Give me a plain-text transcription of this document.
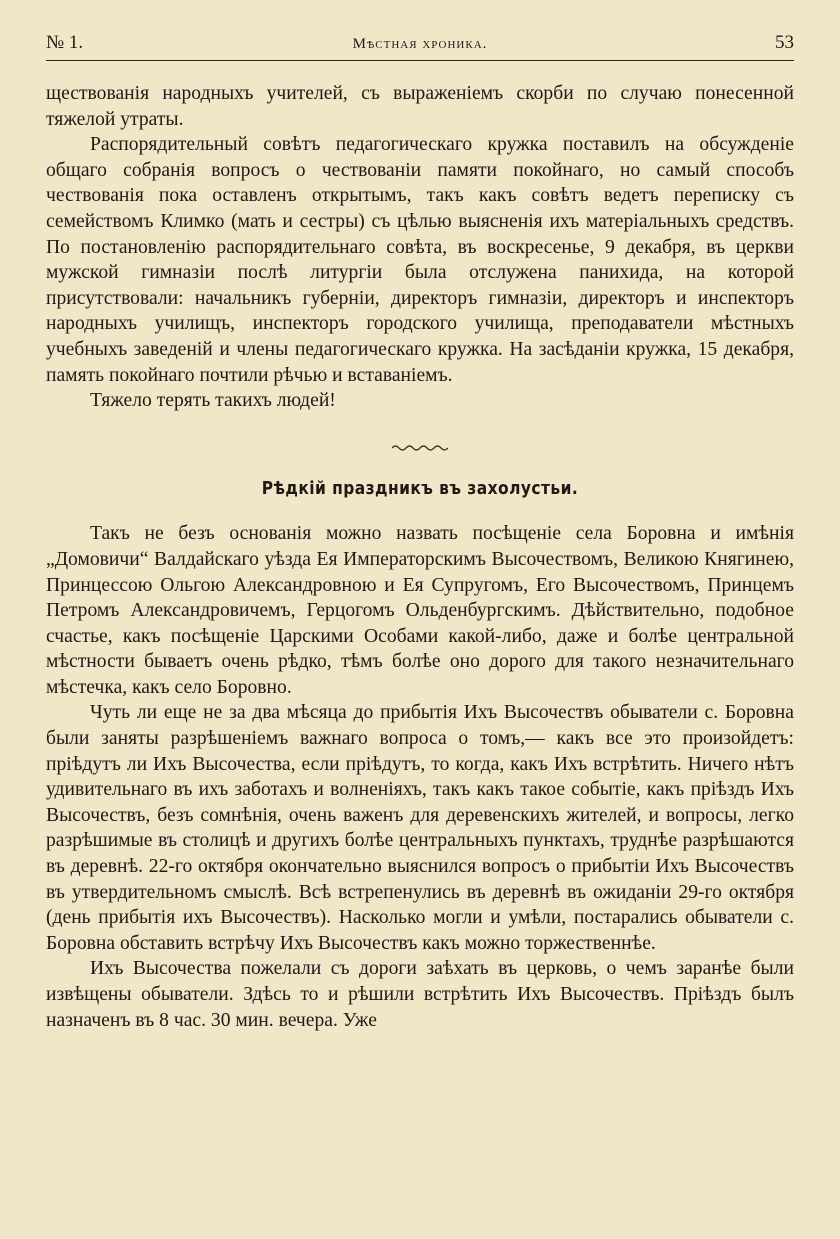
№ 1.	Мѣстная хроника.	53

ществованія народныхъ учителей, съ выраженіемъ скорби по случаю понесенной тяжелой утраты.

Распорядительный совѣтъ педагогическаго кружка поставилъ на обсужденіе общаго собранія вопросъ о чествованіи памяти покойнаго, но самый способъ чествованія пока оставленъ открытымъ, такъ какъ совѣтъ ведетъ переписку съ семействомъ Климко (мать и сестры) съ цѣлью выясненія ихъ матеріальныхъ средствъ. По постановленію распорядительнаго совѣта, въ воскресенье, 9 декабря, въ церкви мужской гимназіи послѣ литургіи была отслужена панихида, на которой присутствовали: начальникъ губерніи, директоръ гимназіи, директоръ и инспекторъ народныхъ училищъ, инспекторъ городского училища, преподаватели мѣстныхъ учебныхъ заведеній и члены педагогическаго кружка. На засѣданіи кружка, 15 декабря, память покойнаго почтили рѣчью и вставаніемъ.

Тяжело терять такихъ людей!

Рѣдкій праздникъ въ захолустьи.

Такъ не безъ основанія можно назвать посѣщеніе села Боровна и имѣнія „Домовичи“ Валдайскаго уѣзда Ея Императорскимъ Высочествомъ, Великою Княгинею, Принцессою Ольгою Александровною и Ея Супругомъ, Его Высочествомъ, Принцемъ Петромъ Александровичемъ, Герцогомъ Ольденбургскимъ. Дѣйствительно, подобное счастье, какъ посѣщеніе Царскими Особами какой-либо, даже и болѣе центральной мѣстности бываетъ очень рѣдко, тѣмъ болѣе оно дорого для такого незначительнаго мѣстечка, какъ село Боровно.

Чуть ли еще не за два мѣсяца до прибытія Ихъ Высочествъ обыватели с. Боровна были заняты разрѣшеніемъ важнаго вопроса о томъ,— какъ все это произойдетъ: пріѣдутъ ли Ихъ Высочества, если пріѣдутъ, то когда, какъ Ихъ встрѣтить. Ничего нѣтъ удивительнаго въ ихъ заботахъ и волненіяхъ, такъ какъ такое событіе, какъ пріѣздъ Ихъ Высочествъ, безъ сомнѣнія, очень важенъ для деревенскихъ жителей, и вопросы, легко разрѣшимые въ столицѣ и другихъ болѣе центральныхъ пунктахъ, труднѣе разрѣшаются въ деревнѣ. 22-го октября окончательно выяснился вопросъ о прибытіи Ихъ Высочествъ въ утвердительномъ смыслѣ. Всѣ встрепенулись въ деревнѣ въ ожиданіи 29-го октября (день прибытія ихъ Высочествъ). Насколько могли и умѣли, постарались обыватели с. Боровна обставить встрѣчу Ихъ Высочествъ какъ можно торжественнѣе.

Ихъ Высочества пожелали съ дороги заѣхать въ церковь, о чемъ заранѣе были извѣщены обыватели. Здѣсь то и рѣшили встрѣтить Ихъ Высочествъ. Пріѣздъ былъ назначенъ въ 8 час. 30 мин. вечера. Уже
